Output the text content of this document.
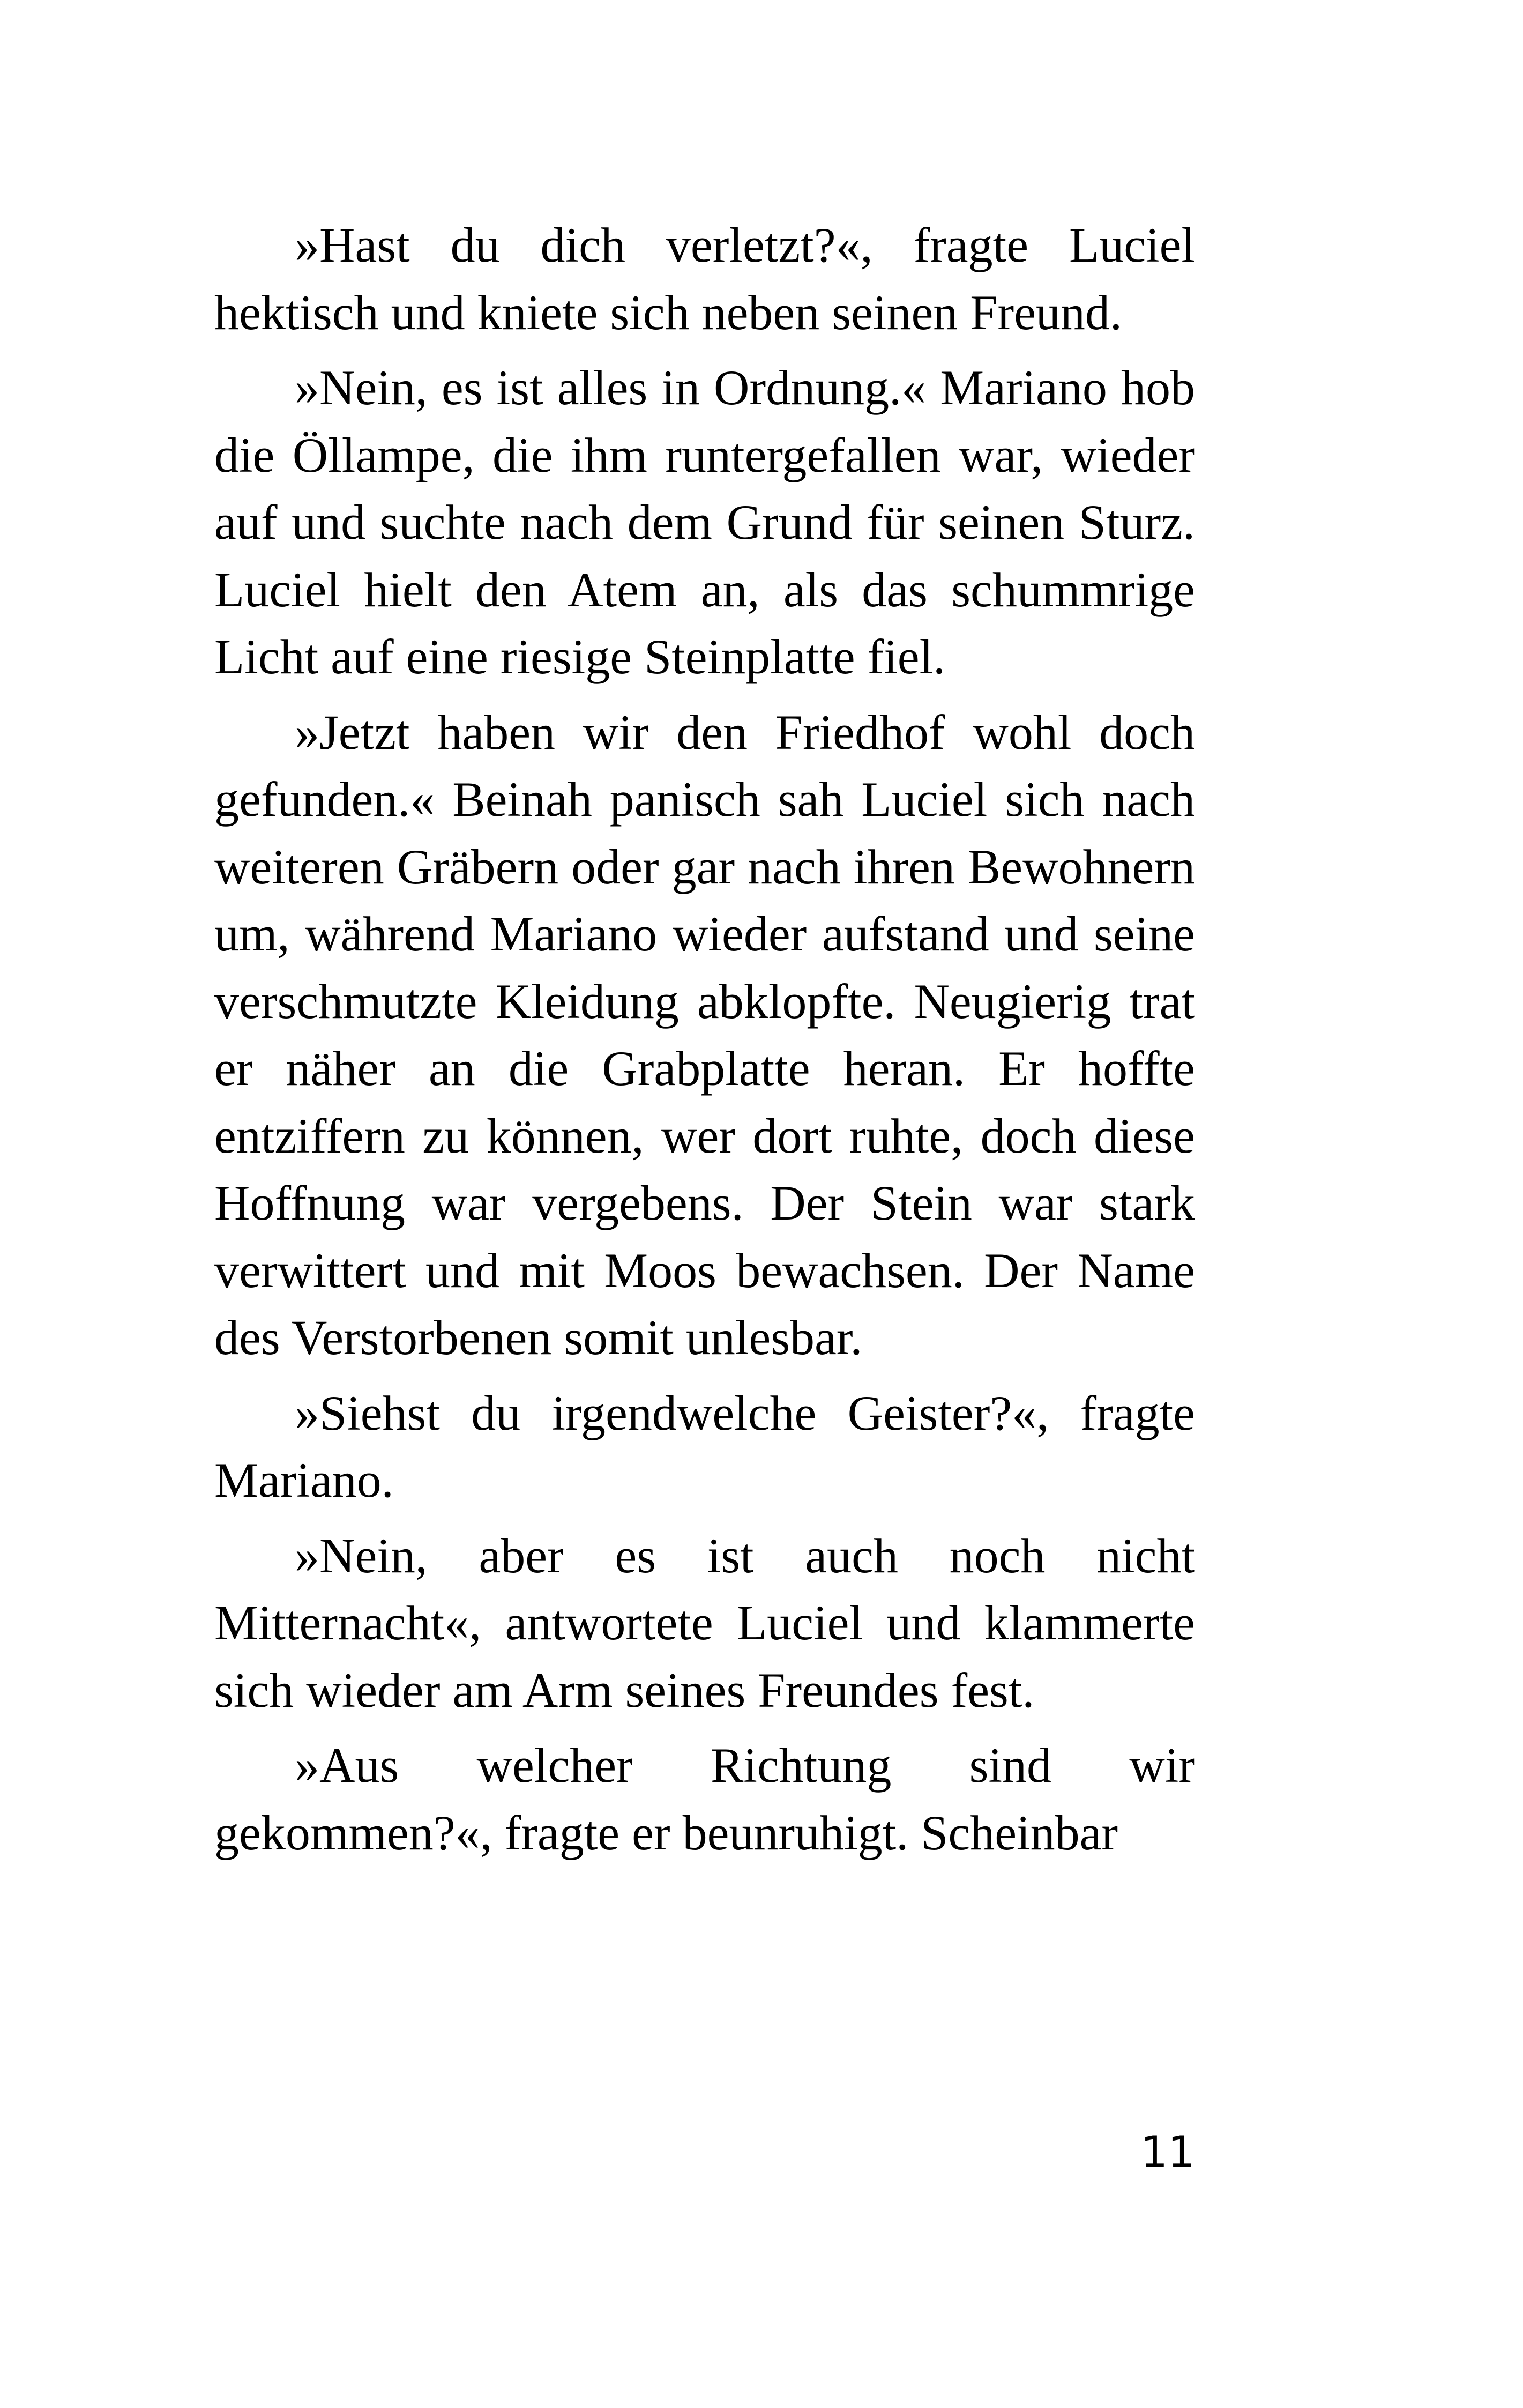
»Hast du dich verletzt?«, fragte Luciel hektisch und kniete sich neben seinen Freund.

»Nein, es ist alles in Ordnung.« Mariano hob die Öllampe, die ihm runtergefallen war, wieder auf und suchte nach dem Grund für seinen Sturz. Luciel hielt den Atem an, als das schummrige Licht auf eine riesige Steinplatte fiel.

»Jetzt haben wir den Friedhof wohl doch gefunden.« Beinah panisch sah Luciel sich nach weiteren Gräbern oder gar nach ihren Bewohnern um, während Mariano wieder aufstand und seine verschmutzte Kleidung abklopfte. Neugierig trat er näher an die Grabplatte heran. Er hoffte entziffern zu können, wer dort ruhte, doch diese Hoffnung war vergebens. Der Stein war stark verwittert und mit Moos bewachsen. Der Name des Verstorbenen somit unlesbar.

»Siehst du irgendwelche Geister?«, fragte Mariano.

»Nein, aber es ist auch noch nicht Mitternacht«, antwortete Luciel und klammerte sich wieder am Arm seines Freundes fest.

»Aus welcher Richtung sind wir gekommen?«, fragte er beunruhigt. Scheinbar

11
